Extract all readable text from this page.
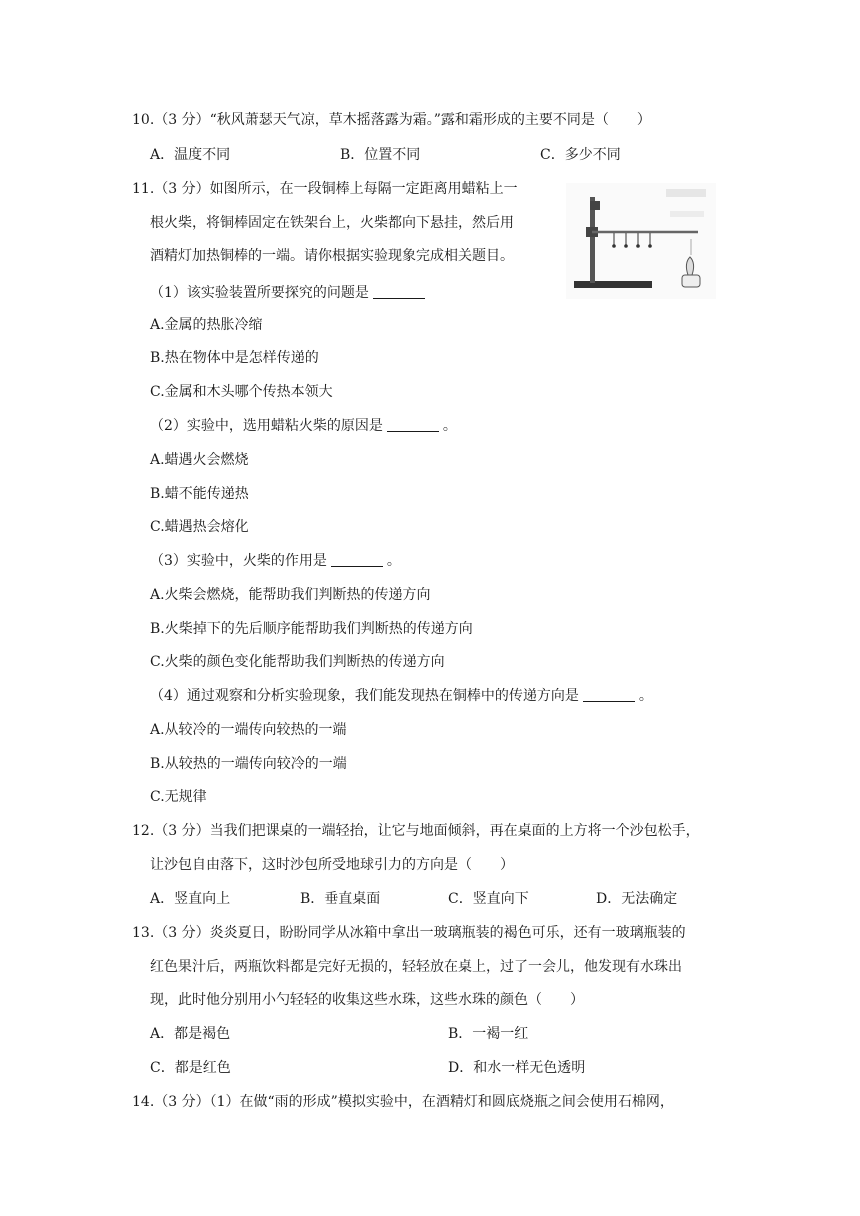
10.（3 分）“秋风萧瑟天气凉，草木摇落露为霜。”露和霜形成的主要不同是（　　）
A．温度不同	B．位置不同	C．多少不同
11.（3 分）如图所示，在一段铜棒上每隔一定距离用蜡粘上一
根火柴，将铜棒固定在铁架台上，火柴都向下悬挂，然后用
酒精灯加热铜棒的一端。请你根据实验现象完成相关题目。
（1）该实验装置所要探究的问题是
A.金属的热胀冷缩
B.热在物体中是怎样传递的
C.金属和木头哪个传热本领大
（2）实验中，选用蜡粘火柴的原因是	。
A.蜡遇火会燃烧
B.蜡不能传递热
C.蜡遇热会熔化
（3）实验中，火柴的作用是	。
A.火柴会燃烧，能帮助我们判断热的传递方向
B.火柴掉下的先后顺序能帮助我们判断热的传递方向
C.火柴的颜色变化能帮助我们判断热的传递方向
（4）通过观察和分析实验现象，我们能发现热在铜棒中的传递方向是	。
A.从较冷的一端传向较热的一端
B.从较热的一端传向较冷的一端
C.无规律
12.（3 分）当我们把课桌的一端轻抬，让它与地面倾斜，再在桌面的上方将一个沙包松手，
让沙包自由落下，这时沙包所受地球引力的方向是（　　）
A．竖直向上	B．垂直桌面	C．竖直向下	D．无法确定
13.（3 分）炎炎夏日，盼盼同学从冰箱中拿出一玻璃瓶装的褐色可乐，还有一玻璃瓶装的
红色果汁后，两瓶饮料都是完好无损的，轻轻放在桌上，过了一会儿，他发现有水珠出
现，此时他分别用小勺轻轻的收集这些水珠，这些水珠的颜色（　　）
A．都是褐色	B．一褐一红
C．都是红色	D．和水一样无色透明
14.（3 分）（1）在做“雨的形成”模拟实验中，在酒精灯和圆底烧瓶之间会使用石棉网，
